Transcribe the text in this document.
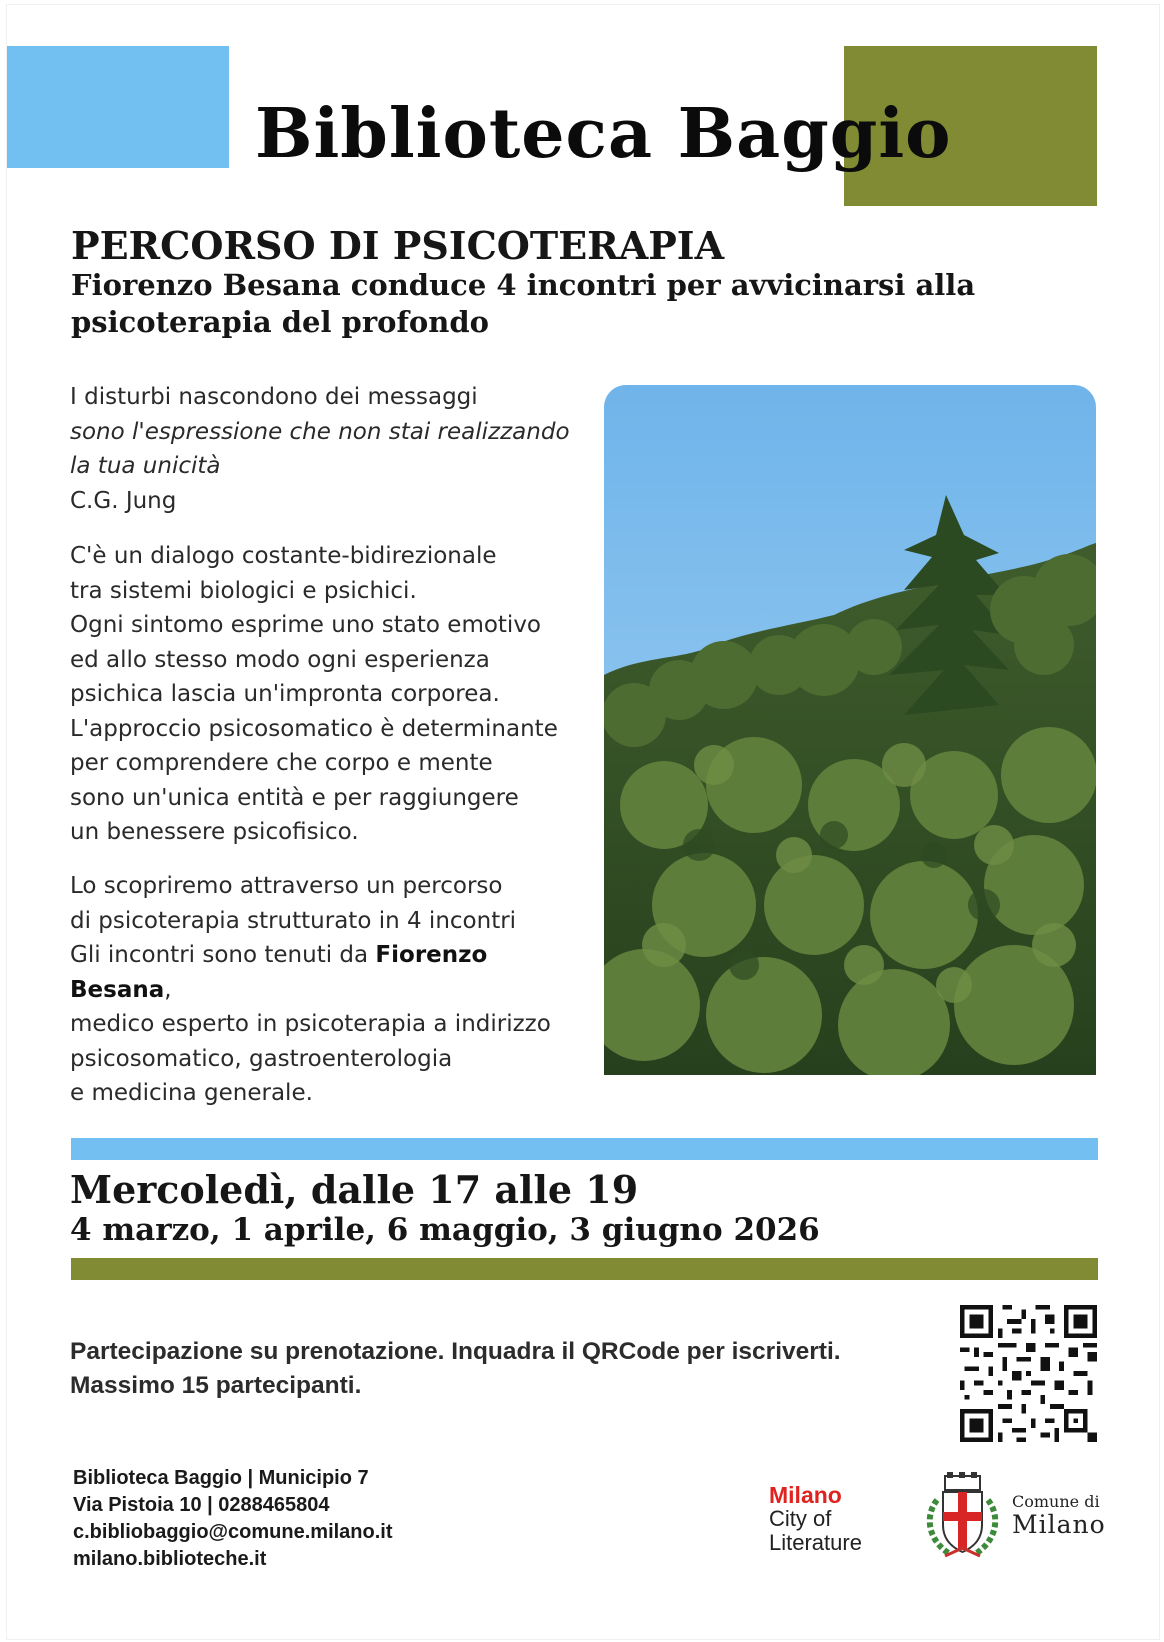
Biblioteca Baggio
PERCORSO DI PSICOTERAPIA
Fiorenzo Besana conduce 4 incontri per avvicinarsi alla psicoterapia del profondo

I disturbi nascondono dei messaggi

sono l'espressione che non stai realizzando

la tua unicità

C.G. Jung

C'è un dialogo costante-bidirezionale
tra sistemi biologici e psichici.
Ogni sintomo esprime uno stato emotivo
ed allo stesso modo ogni esperienza
psichica lascia un'impronta corporea.
L'approccio psicosomatico è determinante
per comprendere che corpo e mente
sono un'unica entità e per raggiungere
un benessere psicofisico.

Lo scopriremo attraverso un percorso

di psicoterapia strutturato in 4 incontri

Gli incontri sono tenuti da Fiorenzo Besana,

medico esperto in psicoterapia a indirizzo

psicosomatico, gastroenterologia

e medicina generale.

Mercoledì, dalle 17 alle 19
4 marzo, 1 aprile, 6 maggio, 3 giugno 2026
Partecipazione su prenotazione. Inquadra il QRCode per iscriverti.
Massimo 15 partecipanti.
Biblioteca Baggio | Municipio 7
Via Pistoia 10 | 0288465804
c.bibliobaggio@comune.milano.it
milano.biblioteche.it
Milano
City of
Literature
Comune di
Milano
